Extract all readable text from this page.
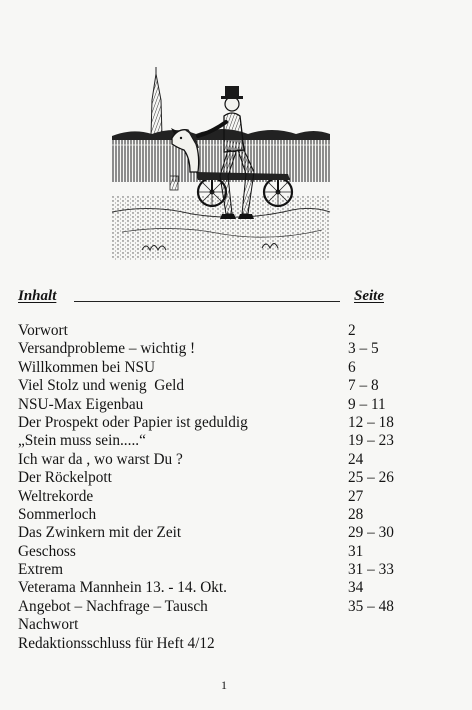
Inhalt	Seite
Vorwort	2
Versandprobleme – wichtig !	3 – 5
Willkommen bei NSU	6
Viel Stolz und wenig  Geld	7 – 8
NSU-Max Eigenbau	9 – 11
Der Prospekt oder Papier ist geduldig	12 – 18
„Stein muss sein.....“	19 – 23
Ich war da , wo warst Du ?	24
Der Röckelpott	25 – 26
Weltrekorde	27
Sommerloch	28
Das Zwinkern mit der Zeit	29 – 30
Geschoss	31
Extrem	31 – 33
Veterama Mannhein 13. - 14. Okt.	34
Angebot – Nachfrage – Tausch	35 – 48
Nachwort
Redaktionsschluss für Heft 4/12
1
